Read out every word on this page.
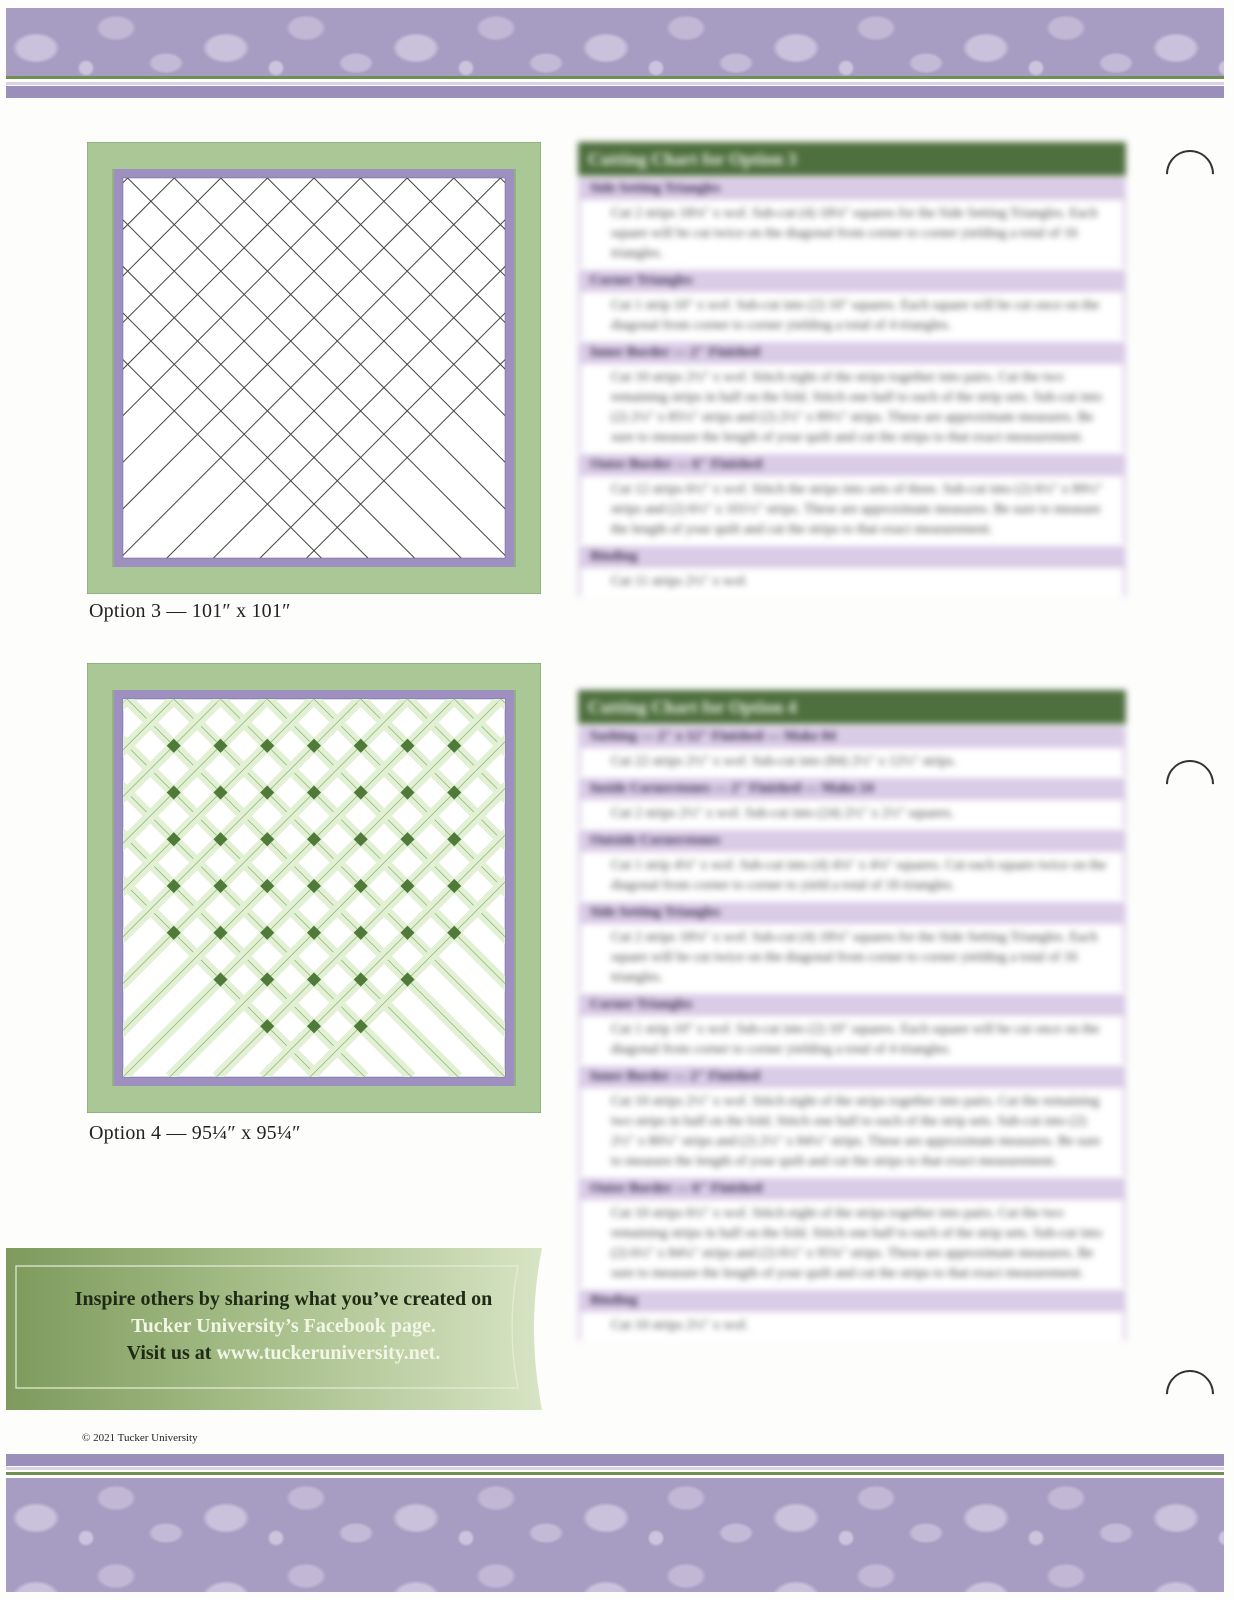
Option 3 — 101″ x 101″
Option 4 — 95¼″ x 95¼″
Inspire others by sharing what you’ve created on
Tucker University’s Facebook page.
Visit us at www.tuckeruniversity.net.
© 2021 Tucker University
Cutting Chart for Option 3
Side Setting Triangles
Cut 2 strips 18⅛″ x wof. Sub-cut (4) 18⅛″ squares for the Side Setting Triangles. Each square will be cut twice on the diagonal from corner to corner yielding a total of 16 triangles.
Corner Triangles
Cut 1 strip 10″ x wof. Sub-cut into (2) 10″ squares. Each square will be cut once on the diagonal from corner to corner yielding a total of 4 triangles.
Inner Border — 2″ Finished
Cut 10 strips 2½″ x wof. Stitch eight of the strips together into pairs. Cut the two remaining strips in half on the fold. Stitch one half to each of the strip sets. Sub-cut into (2) 2½″ x 85½″ strips and (2) 2½″ x 89½″ strips. These are approximate measures. Be sure to measure the length of your quilt and cut the strips to that exact measurement.
Outer Border — 6″ Finished
Cut 12 strips 6½″ x wof. Stitch the strips into sets of three. Sub-cut into (2) 6½″ x 89½″ strips and (2) 6½″ x 101½″ strips. These are approximate measures. Be sure to measure the length of your quilt and cut the strips to that exact measurement.
Binding
Cut 11 strips 2½″ x wof.
Cutting Chart for Option 4
Sashing — 2″ x 12″ Finished — Make 84
Cut 22 strips 2½″ x wof. Sub-cut into (84) 2½″ x 12½″ strips.
Inside Cornerstones — 2″ Finished — Make 24
Cut 2 strips 2½″ x wof. Sub-cut into (24) 2½″ x 2½″ squares.
Outside Cornerstones
Cut 1 strip 4⅛″ x wof. Sub-cut into (4) 4⅛″ x 4⅛″ squares. Cut each square twice on the diagonal from corner to corner to yield a total of 16 triangles.
Side Setting Triangles
Cut 2 strips 18⅛″ x wof. Sub-cut (4) 18⅛″ squares for the Side Setting Triangles. Each square will be cut twice on the diagonal from corner to corner yielding a total of 16 triangles.
Corner Triangles
Cut 1 strip 10″ x wof. Sub-cut into (2) 10″ squares. Each square will be cut once on the diagonal from corner to corner yielding a total of 4 triangles.
Inner Border — 2″ Finished
Cut 10 strips 2½″ x wof. Stitch eight of the strips together into pairs. Cut the remaining two strips in half on the fold. Stitch one half to each of the strip sets. Sub-cut into (2) 2½″ x 80¼″ strips and (2) 2½″ x 84¼″ strips. These are approximate measures. Be sure to measure the length of your quilt and cut the strips to that exact measurement.
Outer Border — 6″ Finished
Cut 10 strips 6½″ x wof. Stitch eight of the strips together into pairs. Cut the two remaining strips in half on the fold. Stitch one half to each of the strip sets. Sub-cut into (2) 6½″ x 84¼″ strips and (2) 6½″ x 95¾″ strips. These are approximate measures. Be sure to measure the length of your quilt and cut the strips to that exact measurement.
Binding
Cut 10 strips 2½″ x wof.
